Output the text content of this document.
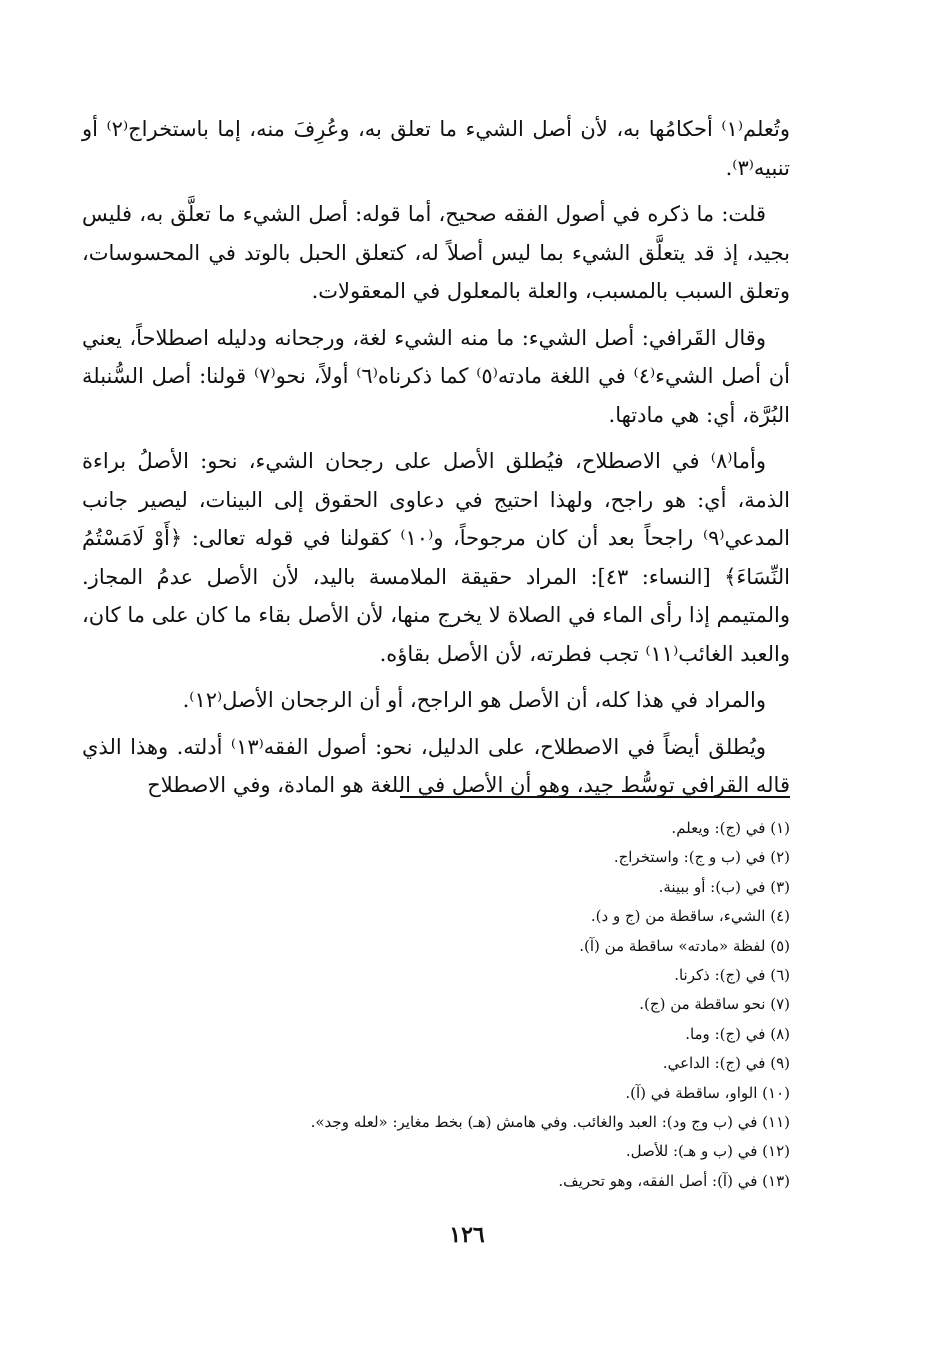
وتُعلم⁽١⁾ أحكامُها به، لأن أصل الشيء ما تعلق به، وعُرِفَ منه، إما باستخراج⁽٢⁾ أو تنبيه⁽٣⁾.

قلت: ما ذكره في أصول الفقه صحيح، أما قوله: أصل الشيء ما تعلَّق به، فليس بجيد، إذ قد يتعلَّق الشيء بما ليس أصلاً له، كتعلق الحبل بالوتد في المحسوسات، وتعلق السبب بالمسبب، والعلة بالمعلول في المعقولات.

وقال القَرافي: أصل الشيء: ما منه الشيء لغة، ورجحانه ودليله اصطلاحاً، يعني أن أصل الشيء⁽٤⁾ في اللغة مادته⁽٥⁾ كما ذكرناه⁽٦⁾ أولاً، نحو⁽٧⁾ قولنا: أصل السُّنبلة البُرَّة، أي: هي مادتها.

وأما⁽٨⁾ في الاصطلاح، فيُطلق الأصل على رجحان الشيء، نحو: الأصلُ براءة الذمة، أي: هو راجح، ولهذا احتيج في دعاوى الحقوق إلى البينات، ليصير جانب المدعي⁽٩⁾ راجحاً بعد أن كان مرجوحاً، و⁽١٠⁾ كقولنا في قوله تعالى: ﴿أَوْ لَامَسْتُمُ النِّسَاءَ﴾ [النساء: ٤٣]: المراد حقيقة الملامسة باليد، لأن الأصل عدمُ المجاز. والمتيمم إذا رأى الماء في الصلاة لا يخرج منها، لأن الأصل بقاء ما كان على ما كان، والعبد الغائب⁽١١⁾ تجب فطرته، لأن الأصل بقاؤه.

والمراد في هذا كله، أن الأصل هو الراجح، أو أن الرجحان الأصل⁽١٢⁾.

ويُطلق أيضاً في الاصطلاح، على الدليل، نحو: أصول الفقه⁽١٣⁾ أدلته. وهذا الذي قاله القرافي توسُّط جيد، وهو أن الأصل في اللغة هو المادة، وفي الاصطلاح

(١) في (ج): ويعلم.
(٢) في (ب و ج): واستخراج.
(٣) في (ب): أو ببينة.
(٤) الشيء، ساقطة من (ج و د).
(٥) لفظة «مادته» ساقطة من (آ).
(٦) في (ج): ذكرنا.
(٧) نحو ساقطة من (ج).
(٨) في (ج): وما.
(٩) في (ج): الداعي.
(١٠) الواو، ساقطة في (آ).
(١١) في (ب وج ود): العبد والغائب. وفي هامش (هـ) بخط مغاير: «لعله وجد».
(١٢) في (ب و هـ): للأصل.
(١٣) في (آ): أصل الفقه، وهو تحريف.
١٢٦
